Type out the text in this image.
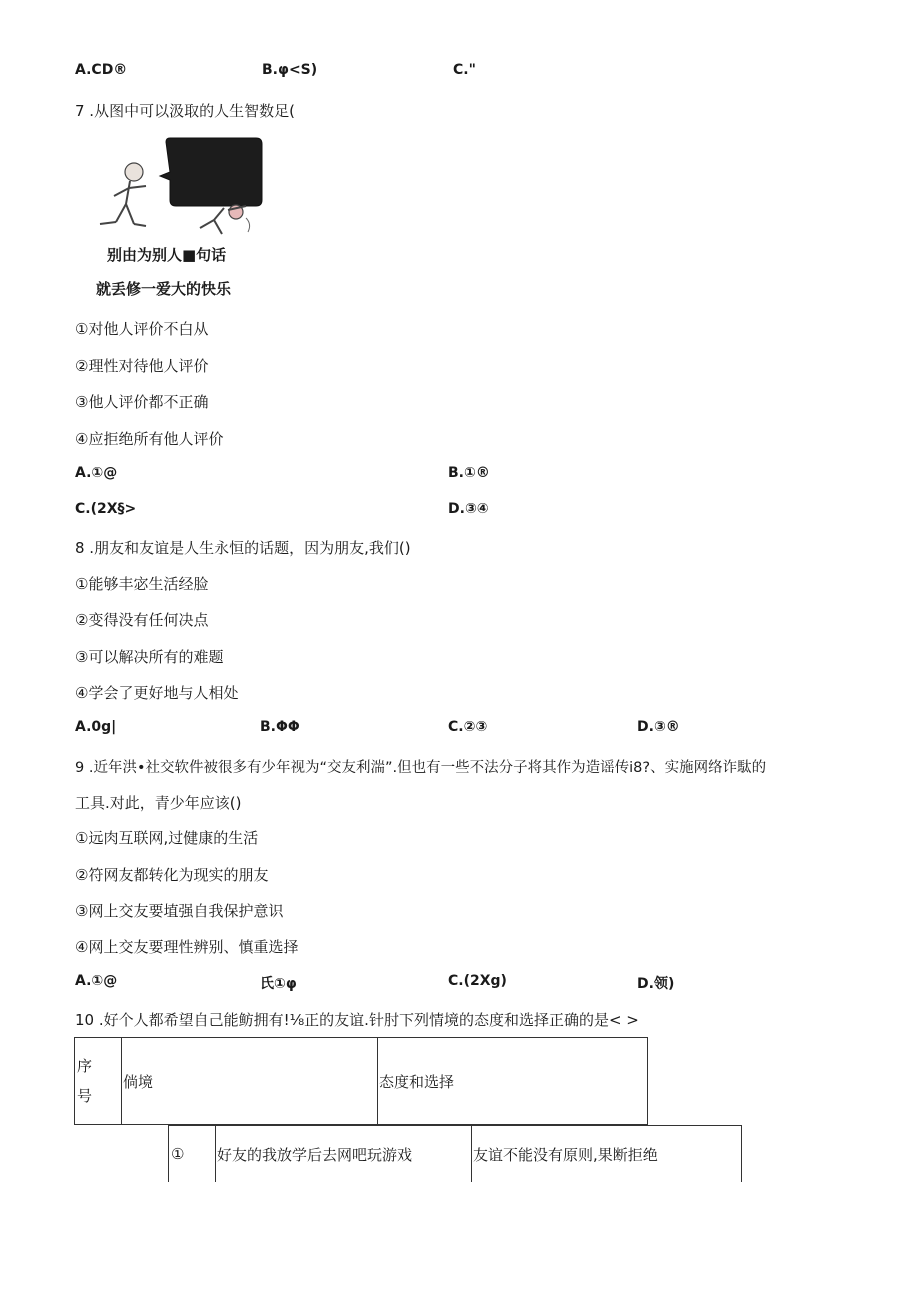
A.CD®	B.φ<S)	C."
7 .从图中可以汲取的人生智数足(
别由为别人■句话
就丢修一爱大的快乐
①对他人评价不白从
②理性对待他人评价
③他人评价都不正确
④应拒绝所有他人评价
A.①@	B.①®
C.(2X§>	D.③④
8 .朋友和友谊是人生永恒的话题，因为朋友,我们()
①能够丰宓生活经脸
②变得没有任何决点
③可以解决所有的难题
④学会了更好地与人相处
A.0g|	B.ΦΦ	C.②③	D.③®
9 .近年洪•社交软件被很多有少年视为“交友利湍”.但也有一些不法分子将其作为造谣传i8?、实施网络诈駄的
工具.对此，青少年应该()
①远肉互联网,过健康的生活
②符网友都转化为现实的朋友
③网上交友要埴强自我保护意识
④网上交友要理性辨别、慎重选择
A.①@	氏①φ	C.(2Xg)	D.领)
10 .好个人都希望自己能鲂拥有!⅛正的友谊.针肘下列情境的态度和选择正确的是< >
序
号
	倘境	态度和选择
①	好友的我放学后去网吧玩游戏	友谊不能没有原则,果断拒绝
